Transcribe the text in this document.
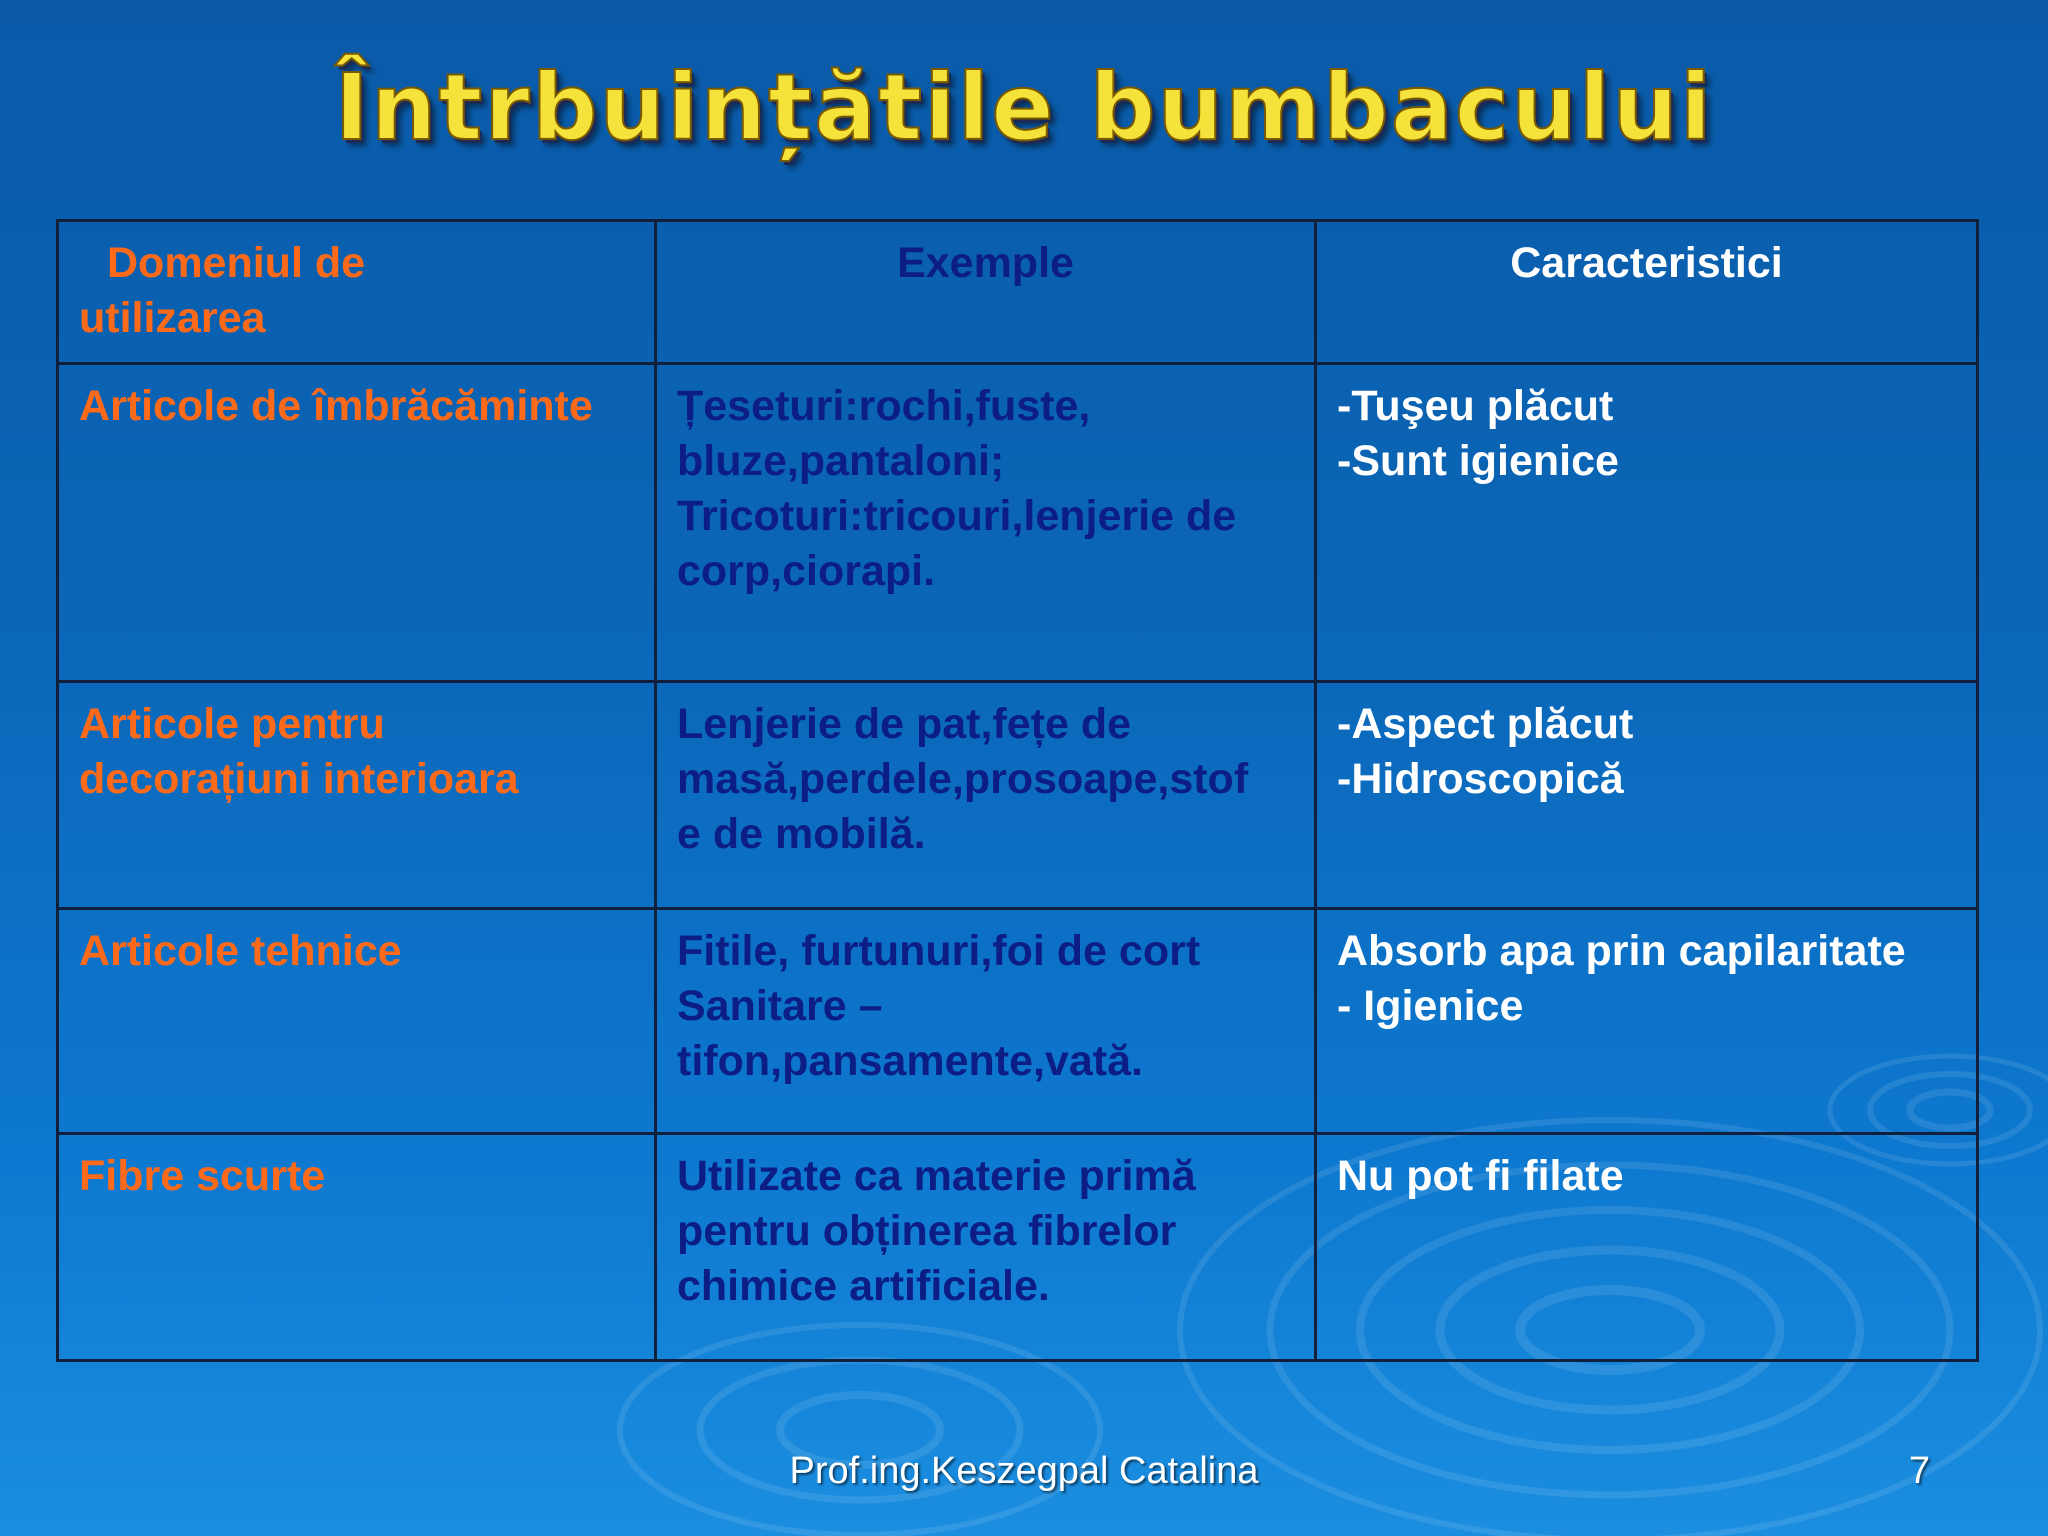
Întrbuințătile bumbacului
Domeniul de
utilizarea	Exemple	Caracteristici

Articole de îmbrăcăminte	Țeseturi:rochi,fuste,
bluze,pantaloni;
Tricoturi:tricouri,lenjerie de
corp,ciorapi.	-Tuşeu plăcut
-Sunt igienice

Articole pentru
decorațiuni interioara	Lenjerie de pat,fețe de
masă,perdele,prosoape,stof
e de mobilă.	-Aspect plăcut
-Hidroscopică

Articole tehnice	Fitile, furtunuri,foi de cort
Sanitare –
tifon,pansamente,vată.	Absorb apa prin capilaritate
- Igienice

Fibre scurte	Utilizate ca materie primă
pentru obținerea fibrelor
chimice artificiale.	Nu pot fi filate
Prof.ing.Keszegpal Catalina	7
